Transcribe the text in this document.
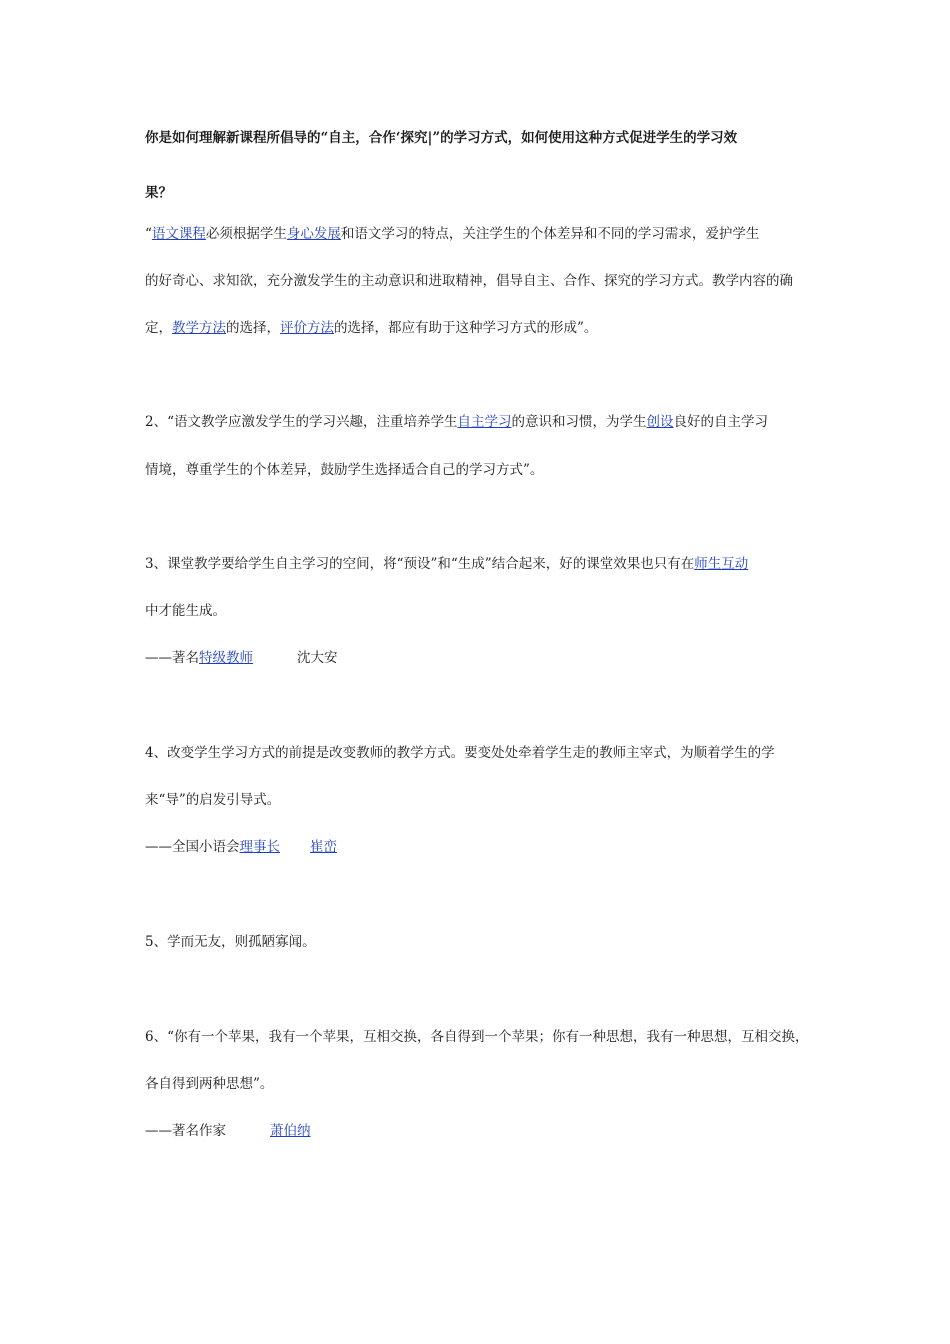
你是如何理解新课程所倡导的“自主，合作‘探究|”的学习方式，如何使用这种方式促进学生的学习效
果？
“语文课程必须根据学生身心发展和语文学习的特点，关注学生的个体差异和不同的学习需求，爱护学生
的好奇心、求知欲，充分激发学生的主动意识和进取精神，倡导自主、合作、探究的学习方式。教学内容的确
定，教学方法的选择，评价方法的选择，都应有助于这种学习方式的形成”。
2、“语文教学应激发学生的学习兴趣，注重培养学生自主学习的意识和习惯，为学生创设良好的自主学习
情境，尊重学生的个体差异，鼓励学生选择适合自己的学习方式”。
3、课堂教学要给学生自主学习的空间，将“预设”和“生成”结合起来，好的课堂效果也只有在师生互动
中才能生成。
——著名特级教师	沈大安
4、改变学生学习方式的前提是改变教师的教学方式。要变处处牵着学生走的教师主宰式，为顺着学生的学
来“导”的启发引导式。
——全国小语会理事长 崔峦
5、学而无友，则孤陋寡闻。
6、“你有一个苹果，我有一个苹果，互相交换，各自得到一个苹果；你有一种思想，我有一种思想，互相交换，
各自得到两种思想”。
——著名作家	萧伯纳
